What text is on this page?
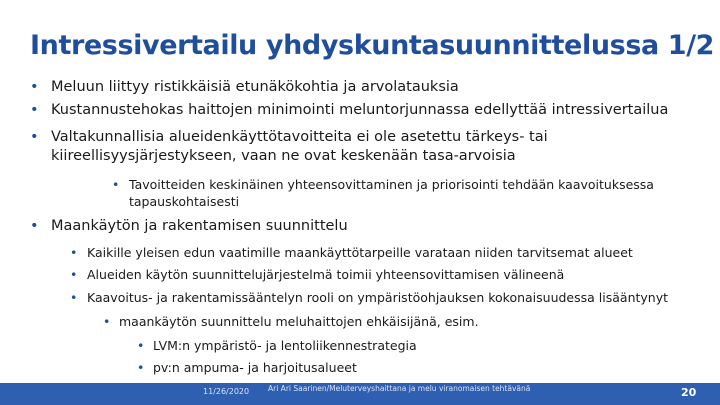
Intressivertailu yhdyskuntasuunnittelussa 1/2
• Meluun liittyy ristikkäisiä etunäkökohtia ja arvolatauksia
• Kustannustehokas haittojen minimointi meluntorjunnassa edellyttää intressivertailua
• Valtakunnallisia alueidenkäyttötavoitteita ei ole asetettu tärkeys- tai
kiireellisyysjärjestykseen, vaan ne ovat keskenään tasa-arvoisia
• Tavoitteiden keskinäinen yhteensovittaminen ja priorisointi tehdään kaavoituksessa
tapauskohtaisesti
• Maankäytön ja rakentamisen suunnittelu
• Kaikille yleisen edun vaatimille maankäyttötarpeille varataan niiden tarvitsemat alueet
• Alueiden käytön suunnittelujärjestelmä toimii yhteensovittamisen välineenä
• Kaavoitus- ja rakentamissääntelyn rooli on ympäristöohjauksen kokonaisuudessa lisääntynyt
• maankäytön suunnittelu meluhaittojen ehkäisijänä, esim.
• LVM:n ympäristö- ja lentoliikennestrategia
• pv:n ampuma- ja harjoitusalueet
11/26/2020	Ari Ari Saarinen/Meluterveyshaittana ja melu viranomaisen tehtävänä	20
